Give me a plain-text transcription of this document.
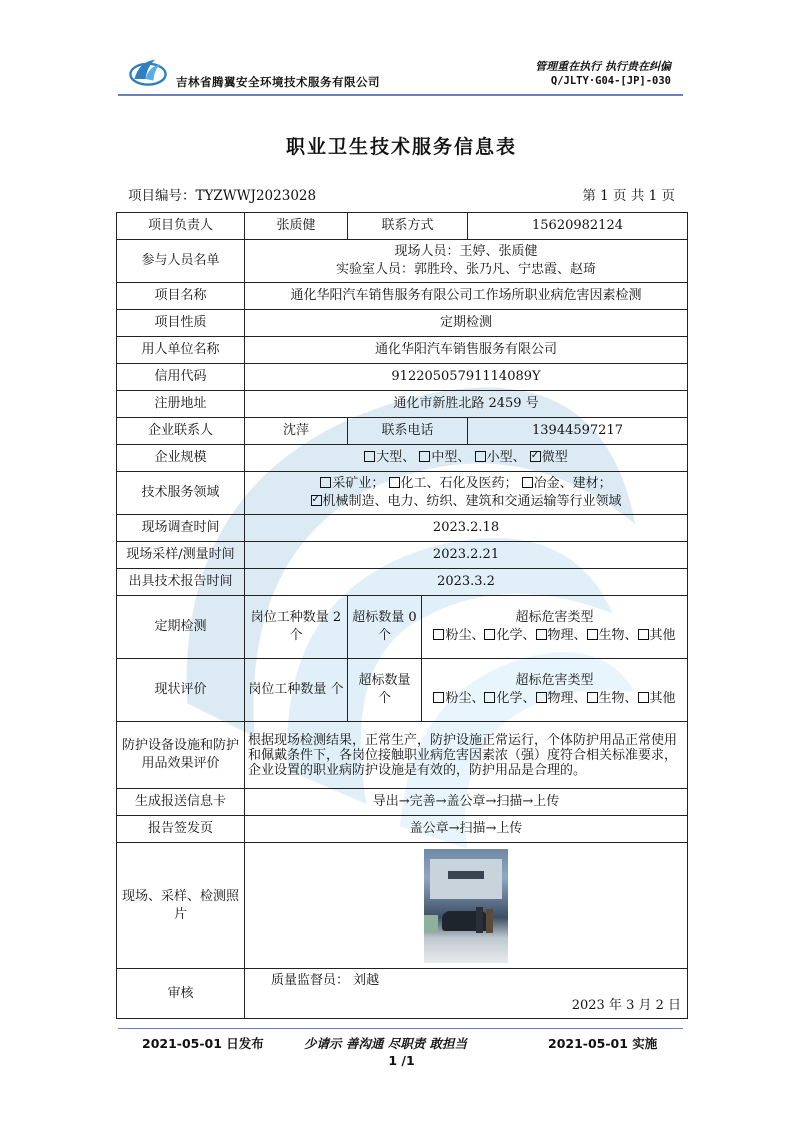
吉林省腾翼安全环境技术服务有限公司
管理重在执行 执行贵在纠偏
Q/JLTY·G04-[JP]-030
职业卫生技术服务信息表
项目编号：TYZWWJ2023028	第 1 页 共 1 页
项目负责人	张质健	联系方式		15620982124
参与人员名单	现场人员：王婷、张质健
实验室人员：郭胜玲、张乃凡、宁忠霞、赵琦			

项目名称	通化华阳汽车销售服务有限公司工作场所职业病危害因素检测			
项目性质	定期检测			
用人单位名称	通化华阳汽车销售服务有限公司			
信用代码	91220505791114089Y			
注册地址	通化市新胜北路 2459 号			
企业联系人	沈萍	联系电话		13944597217
企业规模	大型、 中型、 小型、 ✓ 微型
技术服务领域	采矿业； 化工、石化及医药； 冶金、建材；
✓机械制造、电力、纺织、建筑和交通运输等行业领域

现场调查时间	2023.2.18			
现场采样/测量时间	2023.2.21			
出具技术报告时间	2023.3.2			
定期检测	岗位工种数量 2 个	超标数量 0 个	超标危害类型
粉尘、 化学、 物理、 生物、 其他	

现状评价	岗位工种数量 个	超标数量 个	超标危害类型
粉尘、 化学、 物理、 生物、 其他	

防护设备设施和防护用品效果评价	根据现场检测结果，正常生产，防护设施正常运行，个体防护用品正常使用和佩戴条件下，各岗位接触职业病危害因素浓（强）度符合相关标准要求，企业设置的职业病防护设施是有效的，防护用品是合理的。			
生成报送信息卡	导出→完善→盖公章→扫描→上传			
报告签发页	盖公章→扫描→上传			
现场、采样、检测照片				

审核	质量监督员： 刘越
2023 年 3 月 2 日			
2021-05-01 日发布	少请示 善沟通 尽职责 敢担当	2021-05-01 实施
1 /1
